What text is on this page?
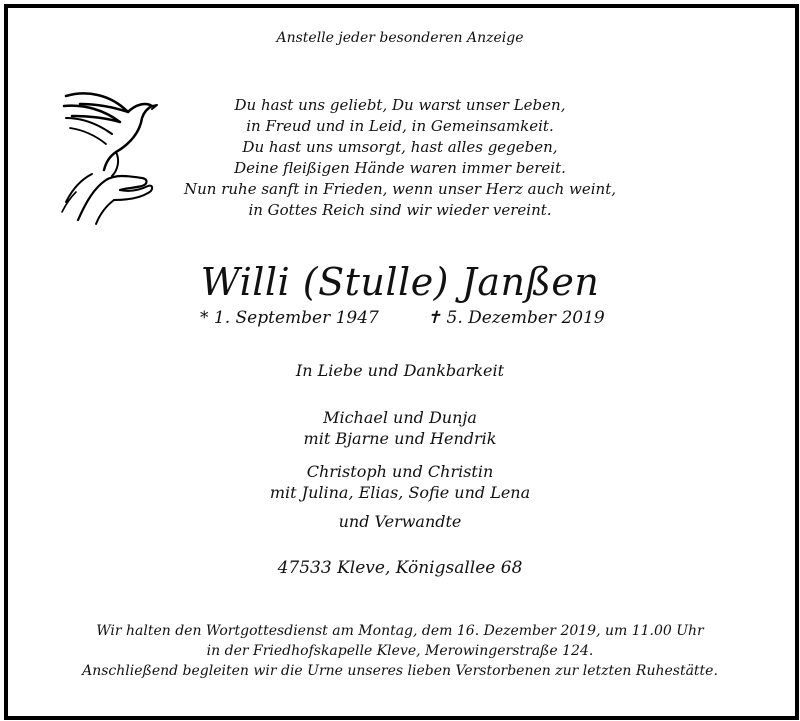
Anstelle jeder besonderen Anzeige
Du hast uns geliebt, Du warst unser Leben,
in Freud und in Leid, in Gemeinsamkeit.
Du hast uns umsorgt, hast alles gegeben,
Deine fleißigen Hände waren immer bereit.
Nun ruhe sanft in Frieden, wenn unser Herz auch weint,
in Gottes Reich sind wir wieder vereint.
Willi (Stulle) Janßen
* 1. September 1947	✝ 5. Dezember 2019
In Liebe und Dankbarkeit
Michael und Dunja
mit Bjarne und Hendrik
Christoph und Christin
mit Julina, Elias, Sofie und Lena
und Verwandte
47533 Kleve, Königsallee 68
Wir halten den Wortgottesdienst am Montag, dem 16. Dezember 2019, um 11.00 Uhr
in der Friedhofskapelle Kleve, Merowingerstraße 124.
Anschließend begleiten wir die Urne unseres lieben Verstorbenen zur letzten Ruhestätte.
